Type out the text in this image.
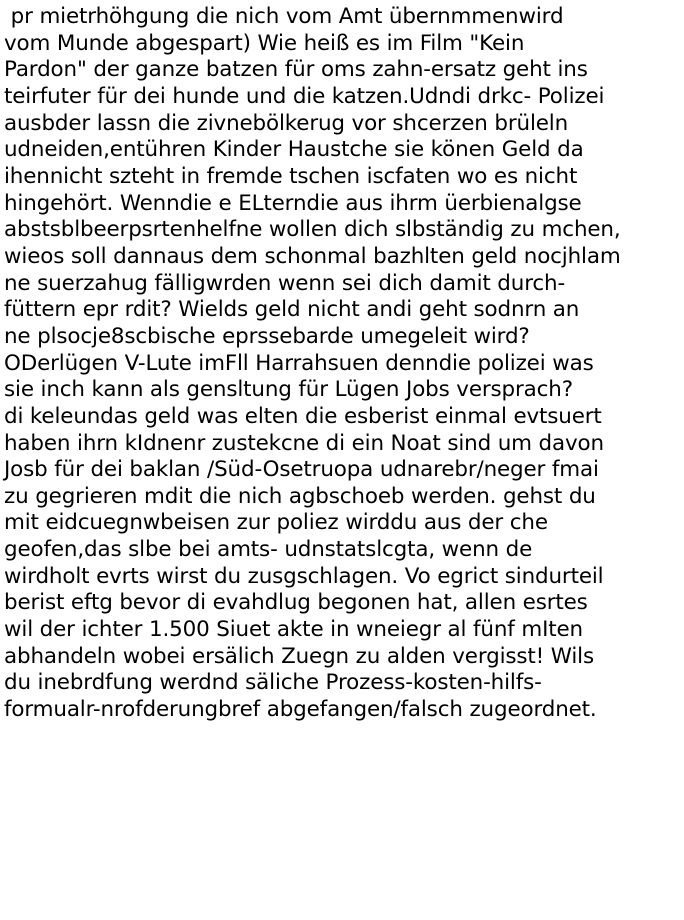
pr mietrhöhgung die nich vom Amt übernmmenwird
vom Munde abgespart) Wie heiß es im Film "Kein
Pardon" der ganze batzen für oms zahn-ersatz geht ins
teirfuter für dei hunde und die katzen.Udndi drkc- Polizei
ausbder lassn die zivnebölkerug vor shcerzen brüleln
udneiden,entühren Kinder Haustche sie könen Geld da
ihennicht szteht in fremde tschen iscfaten wo es nicht
hingehört. Wenndie e ELterndie aus ihrm üerbienalgse
abstsblbeerpsrtenhelfne wollen dich slbständig zu mchen,
wieos soll dannaus dem schonmal bazhlten geld nocjhlam
ne suerzahug fälligwrden wenn sei dich damit durch-
füttern epr rdit? Wields geld nicht andi geht sodnrn an
ne plsocje8scbische eprssebarde umegeleit wird?
ODerlügen V-Lute imFll Harrahsuen denndie polizei was
sie inch kann als gensltung für Lügen Jobs versprach?
di keleundas geld was elten die esberist einmal evtsuert
haben ihrn kIdnenr zustekcne di ein Noat sind um davon
Josb für dei baklan /Süd-Osetruopa udnarebr/neger fmai
zu gegrieren mdit die nich agbschoeb werden. gehst du
mit eidcuegnwbeisen zur poliez wirddu aus der che
geofen,das slbe bei amts- udnstatslcgta, wenn de
wirdholt evrts wirst du zusgschlagen. Vo egrict sindurteil
berist eftg bevor di evahdlug begonen hat, allen esrtes
wil der ichter 1.500 Siuet akte in wneiegr al fünf mIten
abhandeln wobei ersälich Zuegn zu alden vergisst! Wils
du inebrdfung werdnd säliche Prozess-kosten-hilfs-
formualr-nrofderungbref abgefangen/falsch zugeordnet.
